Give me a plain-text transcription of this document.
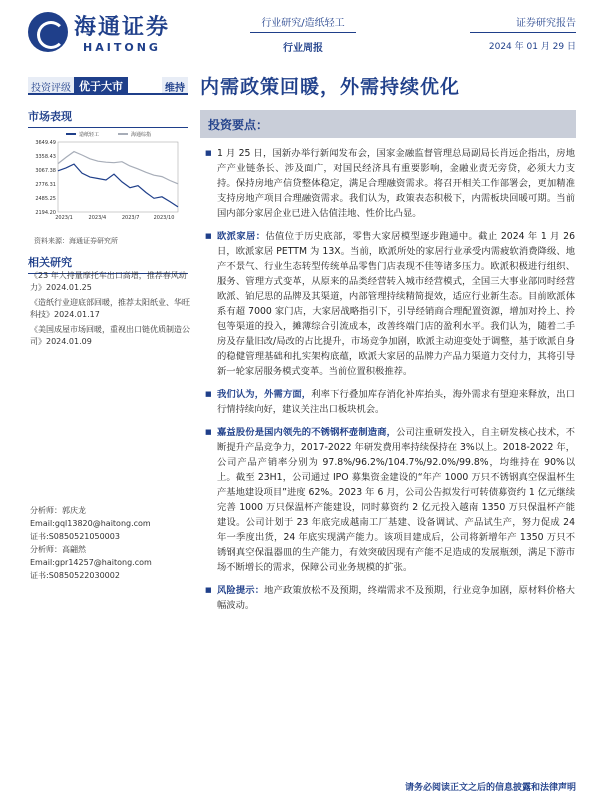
海通证券
HAITONG
行业研究/造纸轻工
行业周报
证券研究报告
2024 年 01 月 29 日
投资评级 优于大市	维持 内需政策回暖，外需持续优化
市场表现
3649.49
3358.43
3067.38
2776.31
2485.25
2194.20
2023/1	2023/4	2023/7	2023/10
造纸轻工	海通综指
资料来源：海通证券研究所
相关研究
《23 年大持量摩托车出口高增，推荐春风动力》2024.01.25
《造纸行业迎底部回暖，推荐太阳纸业、华旺科技》2024.01.17
《美国成屋市场回暖，重视出口链优质制造公司》2024.01.09
分析师：郭庆龙
Email:gql13820@haitong.com
证书:S0850521050003
分析师：高翩然
Email:gpr14257@haitong.com
证书:S0850522030002
投资要点：
■ 1 月 25 日，国新办举行新闻发布会，国家金融监督管理总局副局长肖远企指出，房地产产业链条长、涉及面广，对国民经济具有重要影响，金融业责无旁贷，必须大力支持。保持房地产信贷整体稳定，满足合理融资需求。将召开相关工作部署会，更加精准支持房地产项目合理融资需求。我们认为，政策表态积极下，内需板块回暖可期。当前国内部分家居企业已进入估值洼地、性价比凸显。
■ 欧派家居：估值位于历史底部，零售大家居模型逐步跑通中。截止 2024 年 1 月 26 日，欧派家居 PETTM 为 13X。当前，欧派所处的家居行业承受内需疲软消费降级、地产不景气、行业生态转型传统单品零售门店表现不佳等诸多压力。欧派积极进行组织、服务、管理方式变革，从原来的品类经营转入城市经营模式，全国三大事业部同时经营欧派、铂尼思的品牌及其渠道，内部管理持续精简提效，适应行业新生态。目前欧派体系有超 7000 家门店，大家居战略指引下，引导经销商合理配置资源，增加对拎上、拎包等渠道的投入，摊薄综合引流成本，改善终端门店的盈利水平。我们认为，随着二手房及存量旧改/局改的占比提升，市场竞争加剧，欧派主动迎变处于调整，基于欧派自身的稳健管理基础和扎实架构底蕴，欧派大家居的品牌力产品力渠道力交付力，其将引导新一轮家居服务模式变革。当前位置积极推荐。
■ 我们认为，外需方面，利率下行叠加库存消化补库抬头，海外需求有望迎来释放，出口行情持续向好，建议关注出口板块机会。
■ 嘉益股份是国内领先的不锈钢杯壶制造商，公司注重研发投入，自主研发核心技术，不断提升产品竞争力，2017-2022 年研发费用率持续保持在 3%以上。2018-2022 年，公司产品产销率分别为 97.8%/96.2%/104.7%/92.0%/99.8%，均维持在 90%以上。截至 23H1，公司通过 IPO 募集资金建设的“年产 1000 万只不锈钢真空保温杯生产基地建设项目”进度 62%。2023 年 6 月，公司公告拟发行可转债募资约 1 亿元继续完善 1000 万只保温杯产能建设，同时募资约 2 亿元投入越南 1350 万只保温杯产能建设。公司计划于 23 年底完成越南工厂基建、设备调试、产品试生产，努力促成 24 年一季度出货，24 年底实现满产能力。该项目建成后，公司将新增年产 1350 万只不锈钢真空保温器皿的生产能力，有效突破因现有产能不足造成的发展瓶颈，满足下游市场不断增长的需求，保障公司业务规模的扩张。
■ 风险提示：地产政策放松不及预期，终端需求不及预期，行业竞争加剧，原材料价格大幅波动。
请务必阅读正文之后的信息披露和法律声明
